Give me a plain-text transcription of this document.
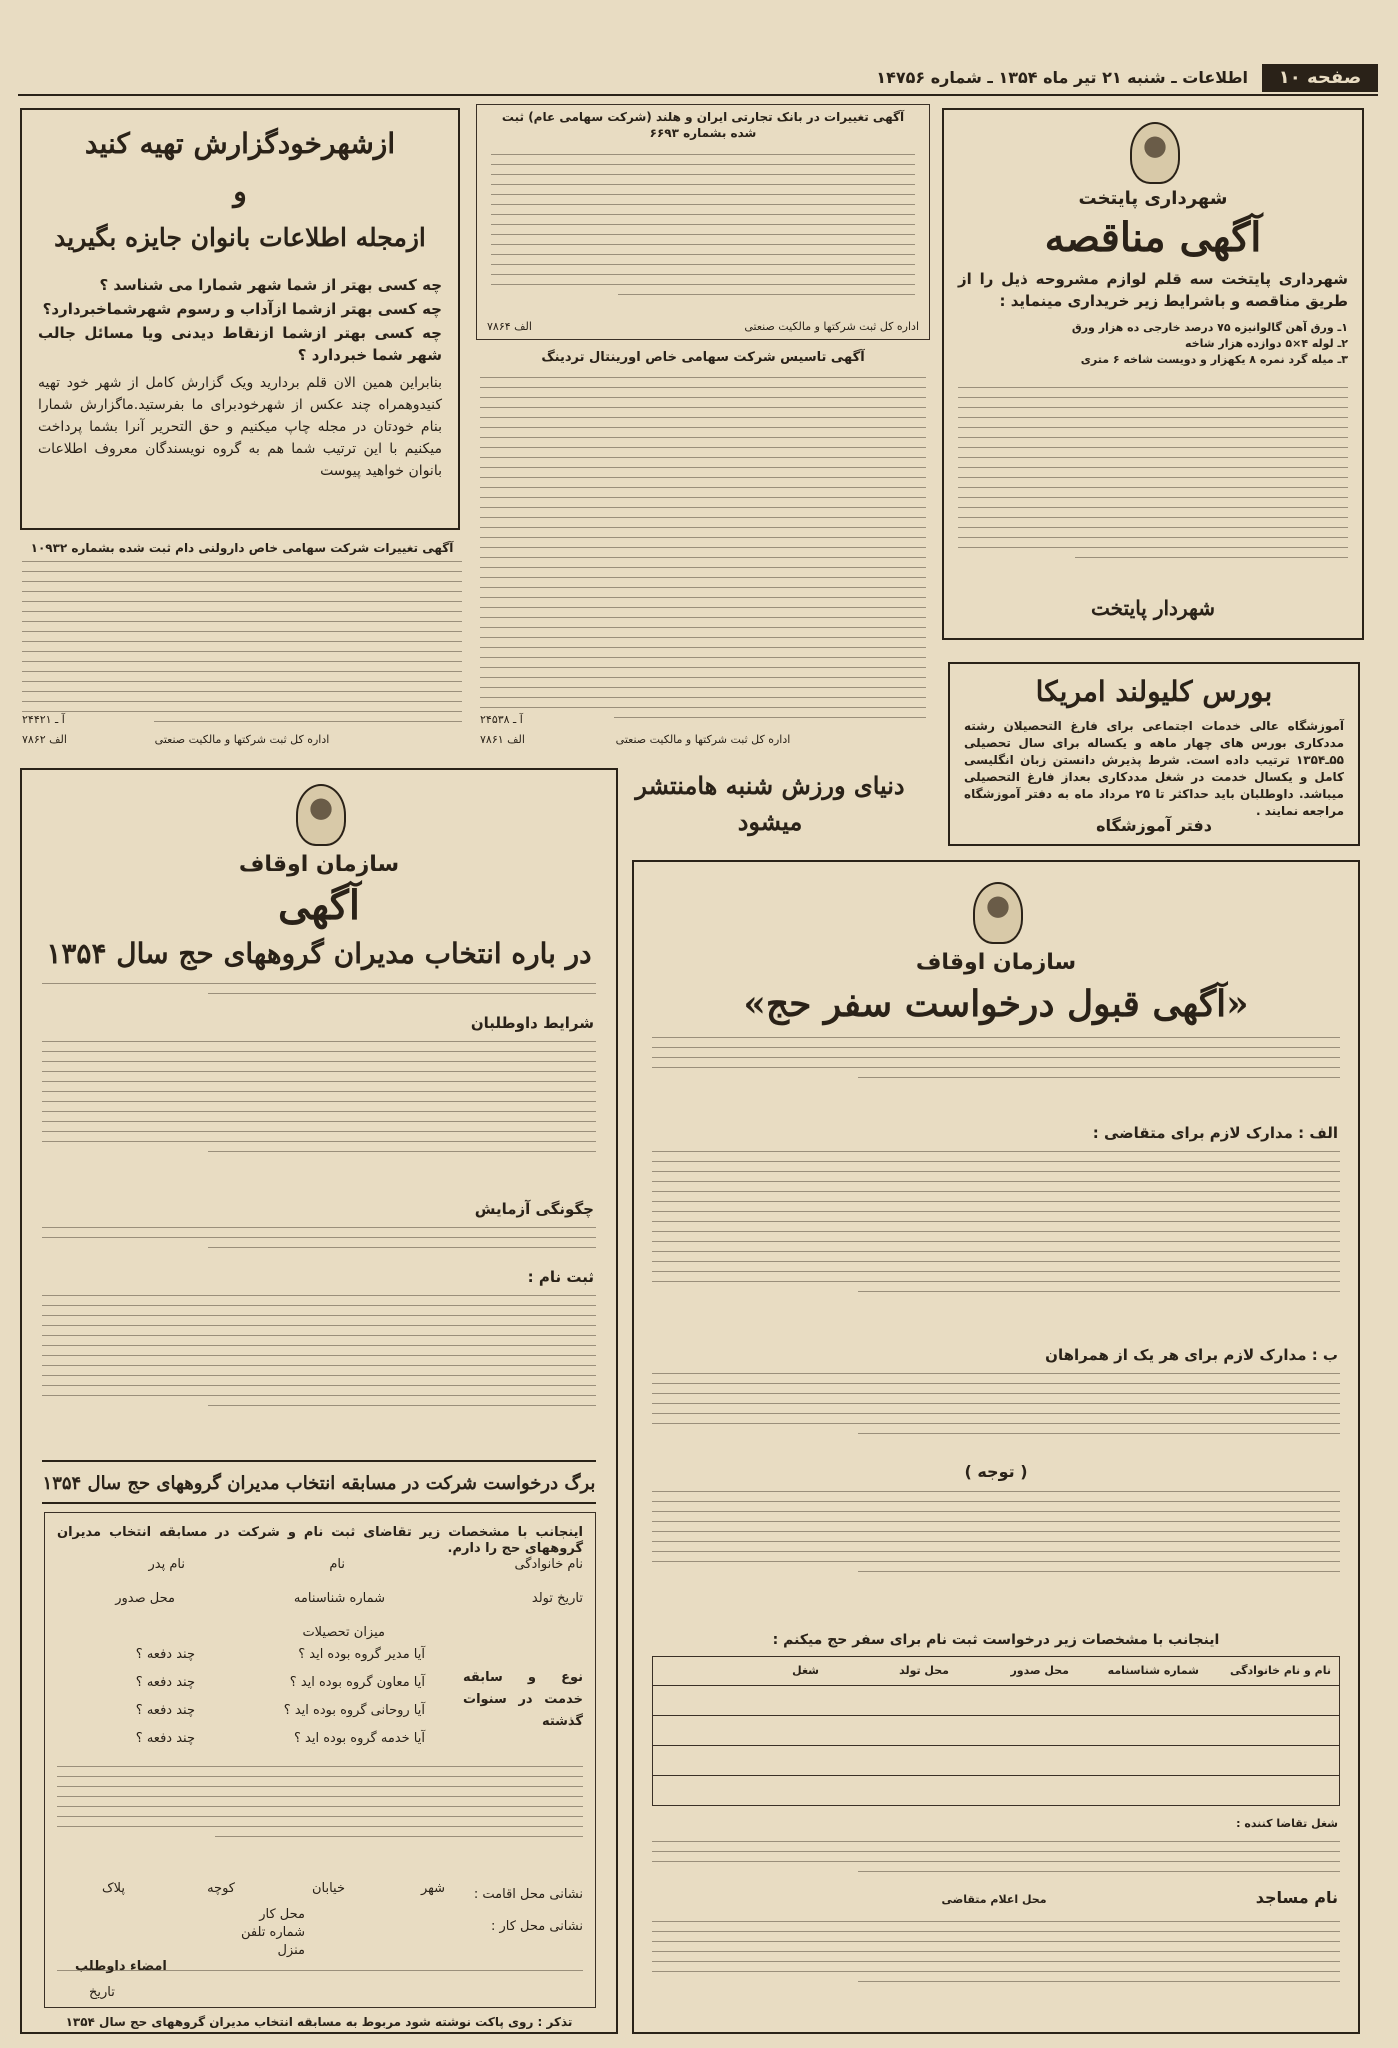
صفحه ۱۰
اطلاعات ـ شنبه ۲۱ تیر ماه ۱۳۵۴ ـ شماره ۱۴۷۵۶
شهرداری پایتخت
آگهی مناقصه
شهرداری پایتخت سه قلم لوازم مشروحه ذیل را از طریق مناقصه و باشرایط زیر خریداری مینماید :
۱ـ ورق آهن گالوانیزه ۷۵ درصد خارجی ده هزار ورق
۲ـ لوله ۴×۵ دوازده هزار شاخه
۳ـ میله گرد نمره ۸ یکهزار و دویست شاخه ۶ متری
شهردار پایتخت
آگهی تغییرات در بانک تجارتی ایران و هلند (شرکت سهامی عام) ثبت شده بشماره ۶۶۹۳
اداره کل ثبت شرکتها و مالکیت صنعتی
الف ۷۸۶۴
آگهی تاسیس شرکت سهامی خاص اورینتال تردینگ
آ ـ ۲۴۵۳۸
الف ۷۸۶۱	اداره کل ثبت شرکتها و مالکیت صنعتی
ازشهرخودگزارش تهیه کنید
و
ازمجله اطلاعات بانوان جایزه بگیرید
چه کسی بهتر از شما شهر شمارا می شناسد ؟
چه کسی بهتر ازشما ازآداب و رسوم شهرشماخبردارد؟
چه کسی بهتر ازشما ازنقاط دیدنی ویا مسائل جالب شهر شما خبردارد ؟
بنابراین همین الان قلم بردارید ویک گزارش کامل از شهر خود تهیه کنیدوهمراه چند عکس از شهرخودبرای ما بفرستید.ماگزارش شمارا بنام خودتان در مجله چاپ میکنیم و حق التحریر آنرا بشما پرداخت میکنیم با این ترتیب شما هم به گروه نویسندگان معروف اطلاعات بانوان خواهید پیوست
آگهی تغییرات شرکت سهامی خاص دارولنی دام ثبت شده بشماره ۱۰۹۳۲
آ ـ ۲۴۴۲۱
الف ۷۸۶۲	اداره کل ثبت شرکتها و مالکیت صنعتی
بورس کلیولند امریکا
آموزشگاه عالی خدمات اجتماعی برای فارغ التحصیلان رشته مددکاری بورس های چهار ماهه و یکساله برای سال تحصیلی ۵۵ـ۱۳۵۴ ترتیب داده است. شرط پذیرش دانستن زبان انگلیسی کامل و یکسال خدمت در شغل مددکاری بعداز فارغ التحصیلی میباشد. داوطلبان باید حداکثر تا ۲۵ مرداد ماه به دفتر آموزشگاه مراجعه نمایند .
دفتر آموزشگاه
دنیای ورزش شنبه هامنتشر
میشود
سازمان اوقاف
آگهی
در باره انتخاب مدیران گروههای حج سال ۱۳۵۴
شرایط داوطلبان
چگونگی آزمایش
ثبت نام :
برگ درخواست شرکت در مسابقه انتخاب مدیران گروههای حج سال ۱۳۵۴
اینجانب با مشخصات زیر تقاضای ثبت نام و شرکت در مسابقه انتخاب مدیران گروههای حج را دارم.
نام خانوادگی
نام
نام پدر
تاریخ تولد
شماره شناسنامه
محل صدور
میزان تحصیلات
نوع و سابقه خدمت در سنوات گذشته
آیا مدیر گروه بوده اید ؟
چند دفعه ؟
آیا معاون گروه بوده اید ؟
چند دفعه ؟
آیا روحانی گروه بوده اید ؟
چند دفعه ؟
آیا خدمه گروه بوده اید ؟
چند دفعه ؟
نشانی محل اقامت :
شهر
خیابان
کوچه
پلاک
نشانی محل کار :
محل کار
شماره تلفن
منزل
امضاء داوطلب
تاریخ
تذکر : روی پاکت نوشته شود مربوط به مسابقه انتخاب مدیران گروههای حج سال ۱۳۵۴
سازمان اوقاف
«آگهی قبول درخواست سفر حج»
الف : مدارک لازم برای متقاضی :
ب : مدارک لازم برای هر یک از همراهان
( توجه )
اینجانب با مشخصات زیر درخواست ثبت نام برای سفر حج میکنم :
نام و نام خانوادگی
شماره شناسنامه
محل صدور
محل تولد
شغل
شغل تقاضا کننده :
نام مساجد
محل اعلام متقاضی
